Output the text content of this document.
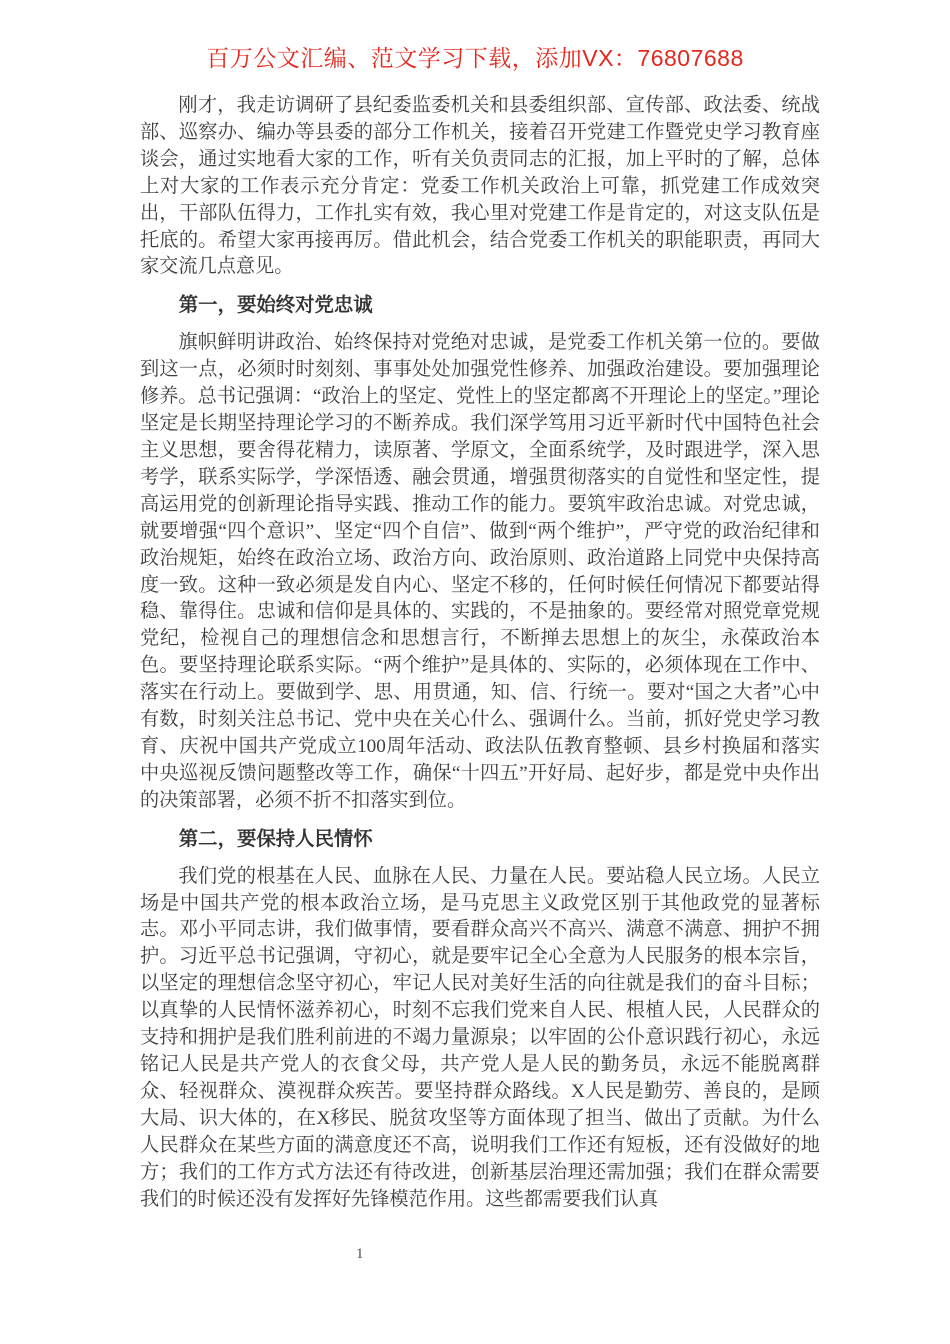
百万公文汇编、范文学习下载，添加VX：76807688

刚才，我走访调研了县纪委监委机关和县委组织部、宣传部、政法委、统战部、巡察办、编办等县委的部分工作机关，接着召开党建工作暨党史学习教育座谈会，通过实地看大家的工作，听有关负责同志的汇报，加上平时的了解，总体上对大家的工作表示充分肯定：党委工作机关政治上可靠，抓党建工作成效突出，干部队伍得力，工作扎实有效，我心里对党建工作是肯定的，对这支队伍是托底的。希望大家再接再厉。借此机会，结合党委工作机关的职能职责，再同大家交流几点意见。

第一，要始终对党忠诚

旗帜鲜明讲政治、始终保持对党绝对忠诚，是党委工作机关第一位的。要做到这一点，必须时时刻刻、事事处处加强党性修养、加强政治建设。要加强理论修养。总书记强调：“政治上的坚定、党性上的坚定都离不开理论上的坚定。”理论坚定是长期坚持理论学习的不断养成。我们深学笃用习近平新时代中国特色社会主义思想，要舍得花精力，读原著、学原文，全面系统学，及时跟进学，深入思考学，联系实际学，学深悟透、融会贯通，增强贯彻落实的自觉性和坚定性，提高运用党的创新理论指导实践、推动工作的能力。要筑牢政治忠诚。对党忠诚，就要增强“四个意识”、坚定“四个自信”、做到“两个维护”，严守党的政治纪律和政治规矩，始终在政治立场、政治方向、政治原则、政治道路上同党中央保持高度一致。这种一致必须是发自内心、坚定不移的，任何时候任何情况下都要站得稳、靠得住。忠诚和信仰是具体的、实践的，不是抽象的。要经常对照党章党规党纪，检视自己的理想信念和思想言行，不断掸去思想上的灰尘，永葆政治本色。要坚持理论联系实际。“两个维护”是具体的、实际的，必须体现在工作中、落实在行动上。要做到学、思、用贯通，知、信、行统一。要对“国之大者”心中有数，时刻关注总书记、党中央在关心什么、强调什么。当前，抓好党史学习教育、庆祝中国共产党成立100周年活动、政法队伍教育整顿、县乡村换届和落实中央巡视反馈问题整改等工作，确保“十四五”开好局、起好步，都是党中央作出的决策部署，必须不折不扣落实到位。

第二，要保持人民情怀

我们党的根基在人民、血脉在人民、力量在人民。要站稳人民立场。人民立场是中国共产党的根本政治立场，是马克思主义政党区别于其他政党的显著标志。邓小平同志讲，我们做事情，要看群众高兴不高兴、满意不满意、拥护不拥护。习近平总书记强调，守初心，就是要牢记全心全意为人民服务的根本宗旨，以坚定的理想信念坚守初心，牢记人民对美好生活的向往就是我们的奋斗目标；以真挚的人民情怀滋养初心，时刻不忘我们党来自人民、根植人民，人民群众的支持和拥护是我们胜利前进的不竭力量源泉；以牢固的公仆意识践行初心，永远铭记人民是共产党人的衣食父母，共产党人是人民的勤务员，永远不能脱离群众、轻视群众、漠视群众疾苦。要坚持群众路线。X人民是勤劳、善良的，是顾大局、识大体的，在X移民、脱贫攻坚等方面体现了担当、做出了贡献。为什么人民群众在某些方面的满意度还不高，说明我们工作还有短板，还有没做好的地方；我们的工作方式方法还有待改进，创新基层治理还需加强；我们在群众需要我们的时候还没有发挥好先锋模范作用。这些都需要我们认真

1
